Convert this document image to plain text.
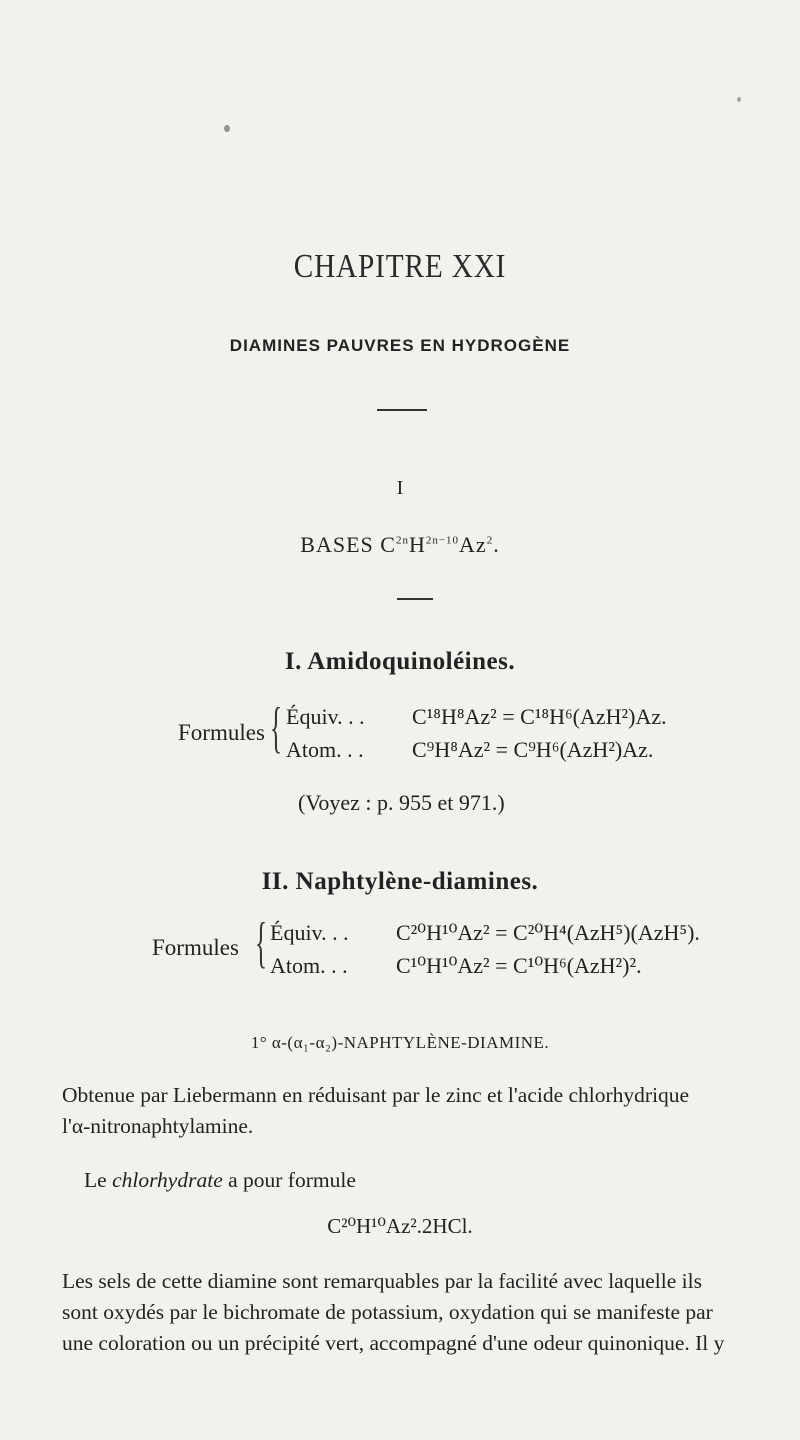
CHAPITRE XXI
DIAMINES PAUVRES EN HYDROGÈNE
I
BASES $C^{2n}H^{2n-10}Az^2$.
I. Amidoquinoléines.
Formules { Équiv. . . C¹⁸H⁸Az² = C¹⁸H⁶(AzH²)Az.
Atom. . . C⁹H⁸Az² = C⁹H⁶(AzH²)Az.
(Voyez : p. 955 et 971.)
II. Naphtylène-diamines.
Formules { Équiv. . . C²⁰H¹⁰Az² = C²⁰H⁴(AzH⁵)(AzH⁵).
Atom. . . C¹⁰H¹⁰Az² = C¹⁰H⁶(AzH²)².
1° α-(α₁-α₂)-NAPHTYLÈNE-DIAMINE.
Obtenue par Liebermann en réduisant par le zinc et l'acide chlorhydrique
l'α-nitronaphtylamine.
Le chlorhydrate a pour formule
C²⁰H¹⁰Az².2HCl.
Les sels de cette diamine sont remarquables par la facilité avec laquelle ils
sont oxydés par le bichromate de potassium, oxydation qui se manifeste par
une coloration ou un précipité vert, accompagné d'une odeur quinonique. Il y
